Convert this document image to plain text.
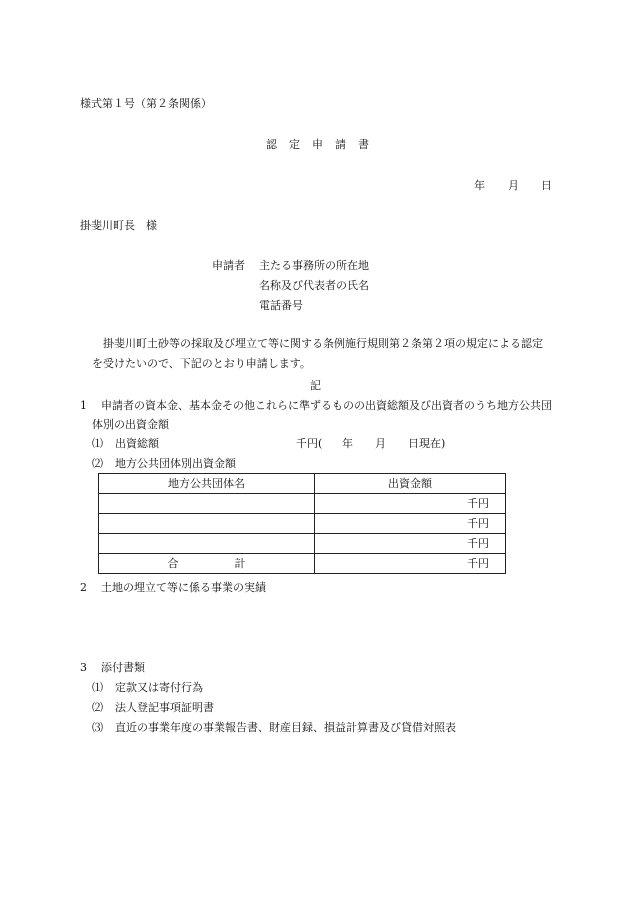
様式第１号（第２条関係）
認 定 申 請 書
年 月 日
掛斐川町長　様
申請者 主たる事務所の所在地
名称及び代表者の氏名
電話番号
掛斐川町土砂等の採取及び埋立て等に関する条例施行規則第２条第２項の規定による認定
を受けたいので、下記のとおり申請します。
記
1 申請者の資本金、基本金その他これらに準ずるものの出資総額及び出資者のうち地方公共団
体別の出資金額
⑴ 出資総額	千円( 年 月 日現在)
⑵ 地方公共団体別出資金額
地方公共団体名	出資金額
	千円
	千円
	千円
合 計	千円
2 土地の埋立て等に係る事業の実績
3 添付書類
⑴ 定款又は寄付行為
⑵ 法人登記事項証明書
⑶ 直近の事業年度の事業報告書、財産目録、損益計算書及び貸借対照表
